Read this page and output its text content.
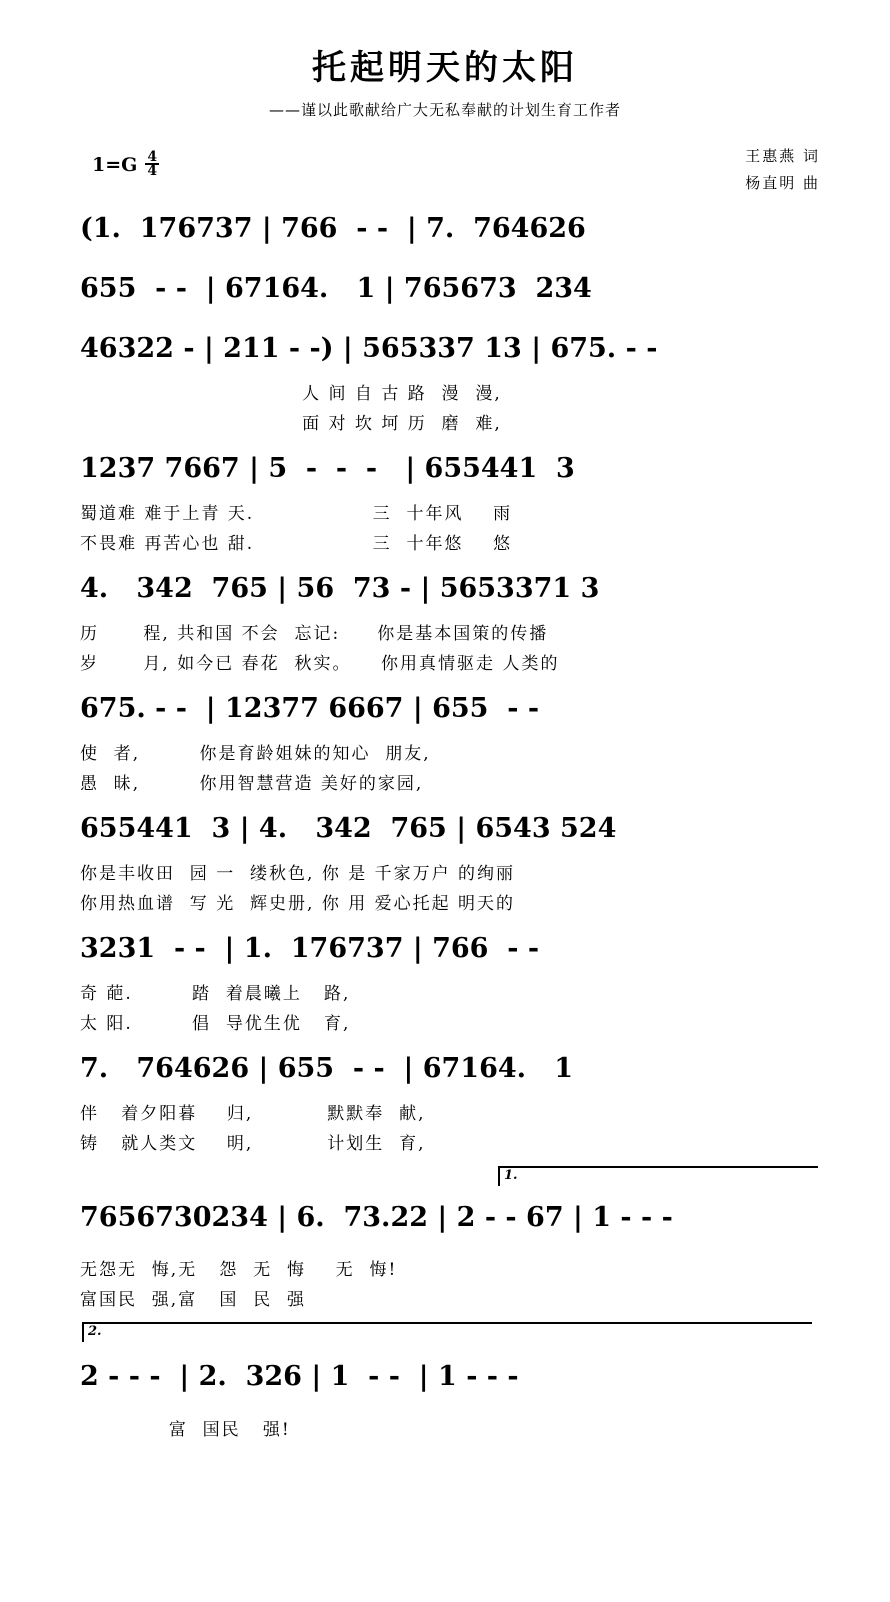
托起明天的太阳
——谨以此歌献给广大无私奉献的计划生育工作者
王惠燕 词
杨直明 曲
$1=G \frac{4}{4}$
(1.  176737 | 766  - -  | 7.  764626
655  - -  | 67164.   1 | 765673  234
46322 - | 211 - -) | 565337 13 | 675. - -
人 间 自 古 路  漫  漫,
面 对 坎 坷 历  磨  难,
1237 7667 | 5  -  -  -   | 655441  3
蜀道难 难于上青 天.                三  十年风    雨
不畏难 再苦心也 甜.                三  十年悠    悠
4.   342  765 | 56  73 - | 5653371 3
历      程, 共和国 不会  忘记:     你是基本国策的传播
岁      月, 如今已 春花  秋实。    你用真情驱走 人类的
675. - -  | 12377 6667 | 655  - -
使  者,        你是育龄姐妹的知心  朋友,
愚  昧,        你用智慧营造 美好的家园,
655441  3 | 4.   342  765 | 6543 524
你是丰收田  园 一  缕秋色, 你 是 千家万户 的绚丽
你用热血谱  写 光  辉史册, 你 用 爱心托起 明天的
3231  - -  | 1.  176737 | 766  - -
奇 葩.        踏  着晨曦上   路,
太 阳.        倡  导优生优   育,
7.   764626 | 655  - -  | 67164.   1
伴   着夕阳暮    归,          默默奉  献,
铸   就人类文    明,          计划生  育,
1.
7656730234 | 6.  73.22 | 2 - - 67 | 1 - - -
无怨无  悔,无   怨  无  悔    无  悔!
富国民  强,富   国  民  强
2.
2 - - -  | 2.  326 | 1  - -  | 1 - - -
富  国民   强!
